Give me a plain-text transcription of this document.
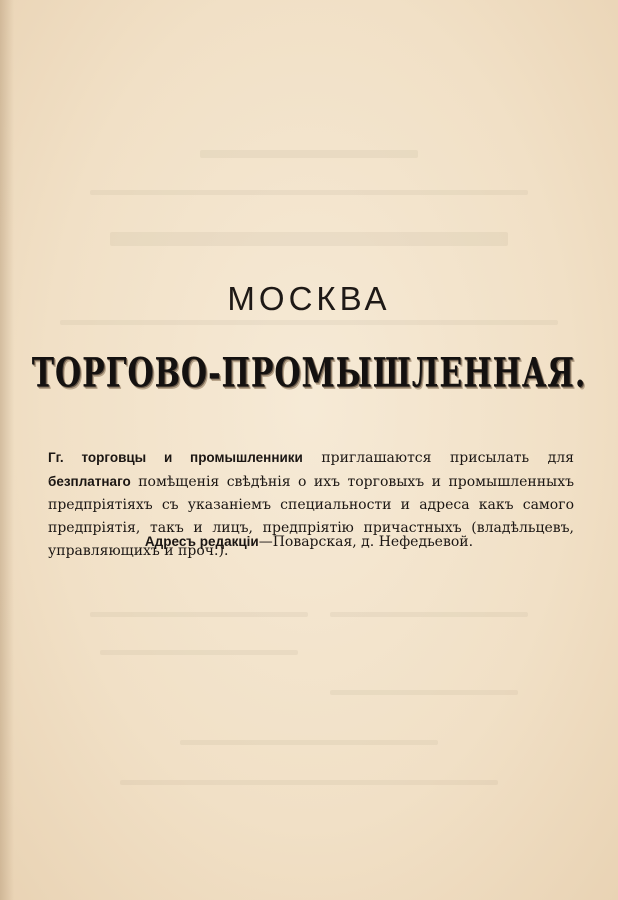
МОСКВА
ТОРГОВО-ПРОМЫШЛЕННАЯ.
Гг. торговцы и промышленники приглашаются присылать для безплатнаго помѣщенія свѣдѣнія о ихъ торговыхъ и промышленныхъ предпріятіяхъ съ указаніемъ специальности и адреса какъ самого предпріятія, такъ и лицъ, предпріятію причастныхъ (владѣльцевъ, управляющихъ и проч.).
Адресъ редакціи—Поварская, д. Нефедьевой.
